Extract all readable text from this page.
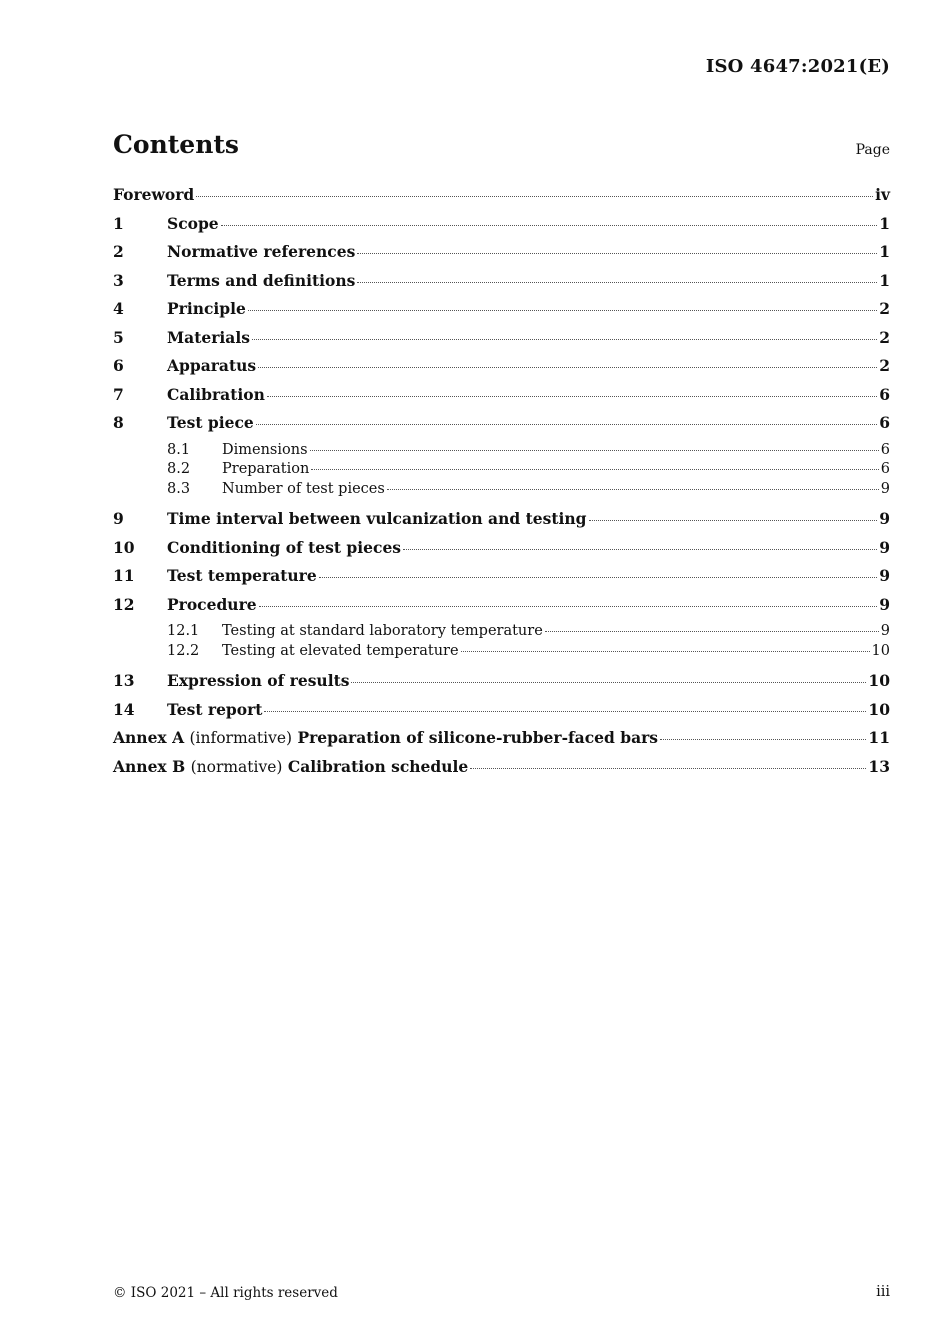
ISO 4647:2021(E)
Contents	Page
Foreword	iv
1	Scope	1
2	Normative references	1
3	Terms and definitions	1
4	Principle	2
5	Materials	2
6	Apparatus	2
7	Calibration	6
8	Test piece	6
8.1	Dimensions	6
8.2	Preparation	6
8.3	Number of test pieces	9
9	Time interval between vulcanization and testing	9
10	Conditioning of test pieces	9
11	Test temperature	9
12	Procedure	9
12.1	Testing at standard laboratory temperature	9
12.2	Testing at elevated temperature	10
13	Expression of results	10
14	Test report	10
Annex A (informative) Preparation of silicone-rubber-faced bars	11
Annex B (normative) Calibration schedule	13
© ISO 2021 – All rights reserved	iii
